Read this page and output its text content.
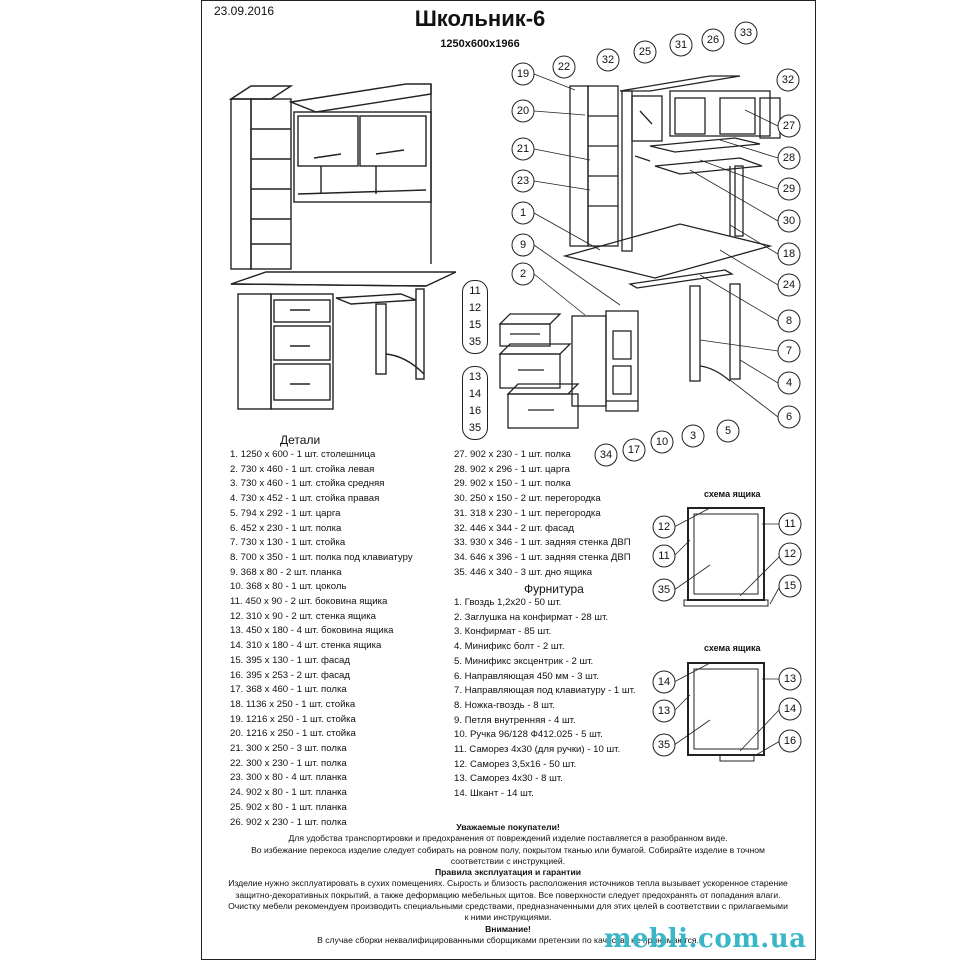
23.09.2016	Школьник-6
1250x600x1966
19
22
32
25
31 26
33
32
20
27
28
21
23
29
30
1
18
9
24
2
8
7
4
6
34 17
10 3	5
11
12
15
35
13
14
16
35
Детали
1. 1250 x 600 - 1 шт. столешница
2. 730 x 460 - 1 шт. стойка левая
3. 730 x 460 - 1 шт. стойка средняя
4. 730 x 452 - 1 шт. стойка правая
5. 794 x 292 - 1 шт. царга
6. 452 x 230 - 1 шт. полка
7. 730 x 130 - 1 шт. стойка
8. 700 x 350 - 1 шт. полка под клавиатуру
9. 368 x 80 - 2 шт. планка
10. 368 x 80 - 1 шт. цоколь
11. 450 x 90 - 2 шт. боковина ящика
12. 310 x 90 - 2 шт. стенка ящика
13. 450 x 180 - 4 шт. боковина ящика
14. 310 x 180 - 4 шт. стенка ящика
15. 395 x 130 - 1 шт. фасад
16. 395 x 253 - 2 шт. фасад
17. 368 x 460 - 1 шт. полка
18. 1136 x 250 - 1 шт. стойка
19. 1216 x 250 - 1 шт. стойка
20. 1216 x 250 - 1 шт. стойка
21. 300 x 250 - 3 шт. полка
22. 300 x 230 - 1 шт. полка
23. 300 x 80 - 4 шт. планка
24. 902 x 80 - 1 шт. планка
25. 902 x 80 - 1 шт. планка
26. 902 x 230 - 1 шт. полка
27. 902 x 230 - 1 шт. полка
28. 902 x 296 - 1 шт. царга
29. 902 x 150 - 1 шт. полка
30. 250 x 150 - 2 шт. перегородка
31. 318 x 230 - 1 шт. перегородка
32. 446 x 344 - 2 шт. фасад
33. 930 x 346 - 1 шт. задняя стенка ДВП
34. 646 x 396 - 1 шт. задняя стенка ДВП
35. 446 x 340 - 3 шт. дно ящика
Фурнитура
1. Гвоздь 1,2х20 - 50 шт.
2. Заглушка на конфирмат - 28 шт.
3. Конфирмат - 85 шт.
4. Минификс болт - 2 шт.
5. Минификс эксцентрик - 2 шт.
6. Направляющая 450 мм - 3 шт.
7. Направляющая под клавиатуру - 1 шт.
8. Ножка-гвоздь - 8 шт.
9. Петля внутренняя - 4 шт.
10. Ручка 96/128 Ф412.025 - 5 шт.
11. Саморез 4х30 (для ручки) - 10 шт.
12. Саморез 3,5х16 - 50 шт.
13. Саморез 4х30 - 8 шт.
14. Шкант - 14 шт.
схема ящика
12
11
35
11
12
15
схема ящика
14
13
35
13
14
16
Уважаемые покупатели!
Для удобства транспортировки и предохранения от повреждений изделие поставляется в разобранном виде.
Во избежание перекоса изделие следует собирать на ровном полу, покрытом тканью или бумагой. Собирайте изделие в точном
соответствии с инструкцией.
Правила эксплуатация и гарантии
Изделие нужно эксплуатировать в сухих помещениях. Сырость и близость расположения источников тепла вызывает ускоренное старение
защитно-декоративных покрытий, а также деформацию мебельных щитов. Все поверхности следует предохранять от попадания влаги.
Очистку мебели рекомендуем производить специальными средствами, предназначенными для этих целей в соответствии с прилагаемыми
к ними инструкциями.
Внимание!
В случае сборки неквалифицированными сборщиками претензии по качеству не принимаются.
mebli.com.ua
